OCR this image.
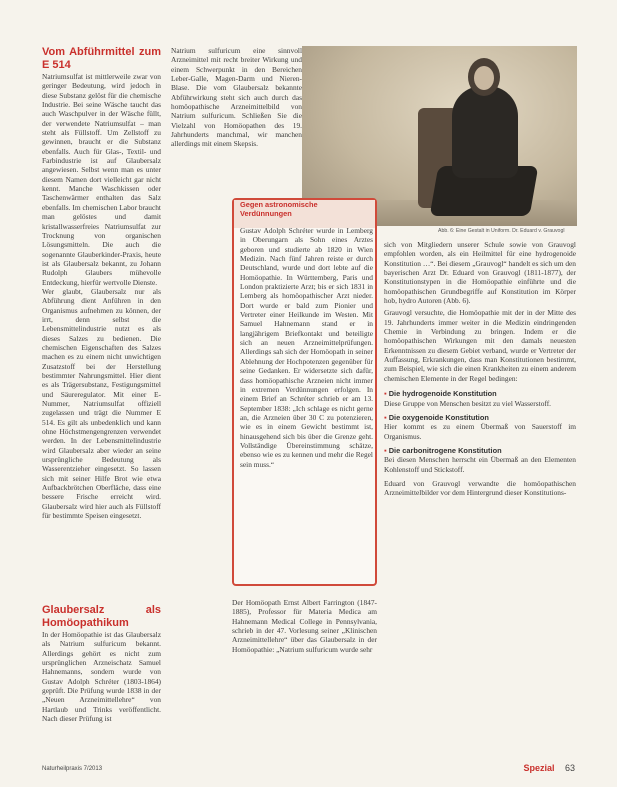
Vom Abführmittel zum E 514

Natriumsulfat ist mittlerweile zwar von geringer Bedeutung, wird jedoch in diese Substanz gelöst für die chemische Industrie. Bei seine Wäsche taucht das auch Waschpulver in der Wäsche füllt, der verwendete Natriumsulfat – man steht als Füllstoff. Um Zellstoff zu gewinnen, braucht er die Substanz ebenfalls. Auch für Glas-, Textil- und Farbindustrie ist auf Glaubersalz angewiesen. Selbst wenn man es unter diesem Namen dort vielleicht gar nicht kennt. Manche Waschkissen oder Taschenwärmer enthalten das Salz ebenfalls. Im chemischen Labor braucht man gelöstes und damit kristallwasserfreies Natriumsulfat zur Trocknung von organischen Lösungsmitteln. Die auch die sogenannte Glauberkinder-Praxis, heute ist als Glaubersalz bekannt, zu Johann Rudolph Glaubers mühevolle Entdeckung, hierfür wertvolle Dienste.

Wer glaubt, Glaubersalz nur als Abführung dient Anführen in den Organismus aufnehmen zu können, der irrt, denn selbst die Lebensmittelindustrie nutzt es als dieses Salzes zu bedienen. Die chemischen Eigenschaften des Salzes machen es zu einem nicht unwichtigen Zusatzstoff bei der Herstellung bestimmter Nahrungsmittel. Hier dient es als Trägersubstanz, Festigungsmittel und Säureregulator. Mit einer E-Nummer, Natriumsulfat offiziell zugelassen und trägt die Nummer E 514. Es gilt als unbedenklich und kann ohne Höchstmengengrenzen verwendet werden. In der Lebensmittelindustrie wird Glaubersalz aber wieder an seine ursprüngliche Bedeutung als Wasserentzieher eingesetzt. So lassen sich mit seiner Hilfe Brot wie etwa Aufbackbrötchen Oberfläche, dass eine bessere Frische erreicht wird. Glaubersalz wird hier auch als Füllstoff für bestimmte Speisen eingesetzt.

Glaubersalz als Homöopathikum

In der Homöopathie ist das Glaubersalz als Natrium sulfuricum bekannt. Allerdings gehört es nicht zum ursprünglichen Arzneischatz Samuel Hahnemanns, sondern wurde von Gustav Adolph Schréter (1803-1864) geprüft. Die Prüfung wurde 1838 in der „Neuen Arzneimittellehre“ von Hartlaub und Trinks veröffentlicht. Nach dieser Prüfung ist

Natrium sulfuricum eine sinnvoll Arzneimittel mit recht breiter Wirkung und einem Schwerpunkt in den Bereichen Leber-Galle, Magen-Darm und Nieren-Blase. Die vom Glaubersalz bekannte Abführwirkung steht sich auch durch das homöopathische Arzneimittelbild von Natrium sulfuricum. Schließen Sie die Vielzahl von Homöopathen des 19. Jahrhunderts manchmal, wir manchen allerdings mit einem Skepsis.

Abb. 6: Eine Gestalt in Uniform. Dr. Eduard v. Grauvogl
Gegen astronomische Verdünnungen

Gustav Adolph Schréter wurde in Lemberg in Oberungarn als Sohn eines Arztes geboren und studierte ab 1820 in Wien Medizin. Nach fünf Jahren reiste er durch Deutschland, wurde und dort lebte auf die Homöopathie. In Württemberg, Paris und London praktizierte Arzt; bis er sich 1831 in Lemberg als homöopathischer Arzt nieder. Dort wurde er bald zum Pionier und Vertreter einer Heilkunde im Westen. Mit Samuel Hahnemann stand er in langjährigem Briefkontakt und beteiligte sich an neuen Arzneimittelprüfungen. Allerdings sah sich der Homöopath in seiner Ablehnung der Hochpotenzen gegenüber für seine Gedanken. Er widersetzte sich dafür, dass homöopathische Arzneien nicht immer in extremen Verdünnungen erfolgen. In einem Brief an Schréter schrieb er am 13. September 1838: „Ich schlage es nicht gerne an, die Arzneien über 30 C zu potenzieren, wie es in einem Gewicht bestimmt ist, hinausgehend sich bis über die Grenze geht. Vollständige Übereinstimmung schätze, ebenso wie es zu kennen und mehr die Regel sein muss.“

Der Homöopath Ernst Albert Farrington (1847-1885), Professor für Materia Medica am Hahnemann Medical College in Pennsylvania, schrieb in der 47. Vorlesung seiner „Klinischen Arzneimittellehre“ über das Glaubersalz in der Homöopathie: „Natrium sulfuricum wurde sehr

sich von Mitgliedern unserer Schule sowie von Grauvogl empfohlen worden, als ein Heilmittel für eine hydrogenoide Konstitution …“. Bei diesem „Grauvogl“ handelt es sich um den bayerischen Arzt Dr. Eduard von Grauvogl (1811-1877), der Konstitutionstypen in die Homöopathie einführte und die homöopathischen Grundbegriffe auf Konstitution im Körper hob, hydro Autoren (Abb. 6).

Grauvogl versuchte, die Homöopathie mit der in der Mitte des 19. Jahrhunderts immer weiter in die Medizin eindringenden Chemie in Verbindung zu bringen. Indem er die homöopathischen Wirkungen mit den damals neuesten Erkenntnissen zu diesem Gebiet verband, wurde er Vertreter der Auffassung, Erkrankungen, dass man Konstitutionen bestimmt, zum Beispiel, wie sich die einen Krankheiten zu einem anderem chemischen Elemente in der Regel bedingen:

▪ Die hydrogenoide Konstitution

Diese Gruppe von Menschen besitzt zu viel Wasserstoff.

▪ Die oxygenoide Konstitution

Hier kommt es zu einem Übermaß von Sauerstoff im Organismus.

▪ Die carbonitrogene Konstitution

Bei diesen Menschen herrscht ein Übermaß an den Elementen Kohlenstoff und Stickstoff.

Eduard von Grauvogl verwandte die homöopathischen Arzneimittelbilder vor dem Hintergrund dieser Konstitutions-

Naturheilpraxis 7/2013	Spezial 63
